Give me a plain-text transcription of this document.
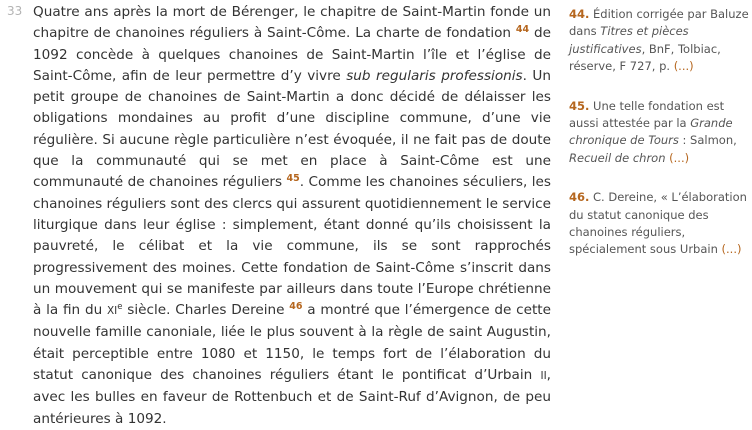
33 Quatre ans après la mort de Bérenger, le chapitre de Saint-Martin fonde un chapitre de chanoines réguliers à Saint-Côme. La charte de fondation $^{44}$ de 1092 concède à quelques chanoines de Saint-Martin l’île et l’église de Saint-Côme, afin de leur permettre d’y vivre sub regularis professionis. Un petit groupe de chanoines de Saint-Martin a donc décidé de délaisser les obligations mondaines au profit d’une discipline commune, d’une vie régulière. Si aucune règle particulière n’est évoquée, il ne fait pas de doute que la communauté qui se met en place à Saint-Côme est une communauté de chanoines réguliers $^{45}$. Comme les chanoines séculiers, les chanoines réguliers sont des clercs qui assurent quotidiennement le service liturgique dans leur église : simplement, étant donné qu’ils choisissent la pauvreté, le célibat et la vie commune, ils se sont rapprochés progressivement des moines. Cette fondation de Saint-Côme s’inscrit dans un mouvement qui se manifeste par ailleurs dans toute l’Europe chrétienne à la fin du XIe siècle. Charles Dereine $^{46}$ a montré que l’émergence de cette nouvelle famille canoniale, liée le plus souvent à la règle de saint Augustin, était perceptible entre 1080 et 1150, le temps fort de l’élaboration du statut canonique des chanoines réguliers étant le pontificat d’Urbain II, avec les bulles en faveur de Rottenbuch et de Saint-Ruf d’Avignon, de peu antérieures à 1092.

44. Édition corrigée par Baluze dans Titres et pièces justificatives, BnF, Tolbiac, réserve, F 727, p. (...)

45. Une telle fondation est aussi attestée par la Grande chronique de Tours : Salmon, Recueil de chron (...)

46. C. Dereine, « L’élaboration du statut canonique des chanoines réguliers, spécialement sous Urbain (...)
